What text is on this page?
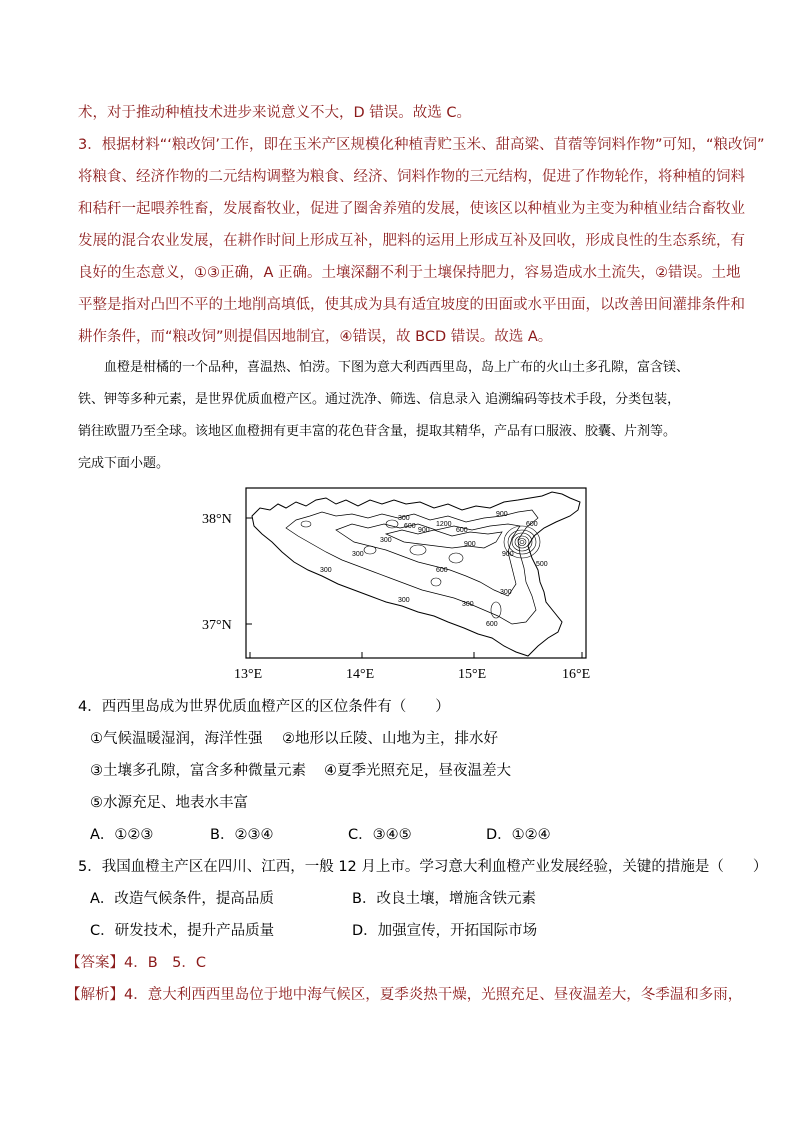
术，对于推动种植技术进步来说意义不大，D 错误。故选 C。
3．根据材料“‘粮改饲’工作，即在玉米产区规模化种植青贮玉米、甜高粱、苜蓿等饲料作物”可知，“粮改饲”
将粮食、经济作物的二元结构调整为粮食、经济、饲料作物的三元结构，促进了作物轮作，将种植的饲料
和秸秆一起喂养牲畜，发展畜牧业，促进了圈舍养殖的发展，使该区以种植业为主变为种植业结合畜牧业
发展的混合农业发展，在耕作时间上形成互补，肥料的运用上形成互补及回收，形成良性的生态系统，有
良好的生态意义，①③正确，A 正确。土壤深翻不利于土壤保持肥力，容易造成水土流失，②错误。土地
平整是指对凸凹不平的土地削高填低，使其成为具有适宜坡度的田面或水平田面，以改善田间灌排条件和
耕作条件，而“粮改饲”则提倡因地制宜，④错误，故 BCD 错误。故选 A。
血橙是柑橘的一个品种，喜温热、怕涝。下图为意大利西西里岛，岛上广布的火山土多孔隙，富含镁、
铁、钾等多种元素，是世界优质血橙产区。通过洗净、筛选、信息录入 追溯编码等技术手段，分类包装，
销往欧盟乃至全球。该地区血橙拥有更丰富的花色苷含量，提取其精华，产品有口服液、胶囊、片剂等。
完成下面小题。
300
600
900
1200
300
600
900
600
900
300
300
300
300
300
600
900
600
500
38°N
37°N
13°E	14°E	15°E	16°E
4．西西里岛成为世界优质血橙产区的区位条件有（　　）
①气候温暖湿润，海洋性强 ②地形以丘陵、山地为主，排水好
③土壤多孔隙，富含多种微量元素 ④夏季光照充足，昼夜温差大
⑤水源充足、地表水丰富
A．①②③	B．②③④	C．③④⑤	D．①②④
5．我国血橙主产区在四川、江西，一般 12 月上市。学习意大利血橙产业发展经验，关键的措施是（　　）
A．改造气候条件，提高品质	B．改良土壤，增施含铁元素
C．研发技术，提升产品质量	D．加强宣传，开拓国际市场
【答案】4．B　5．C
【解析】4．意大利西西里岛位于地中海气候区，夏季炎热干燥，光照充足、昼夜温差大，冬季温和多雨，
